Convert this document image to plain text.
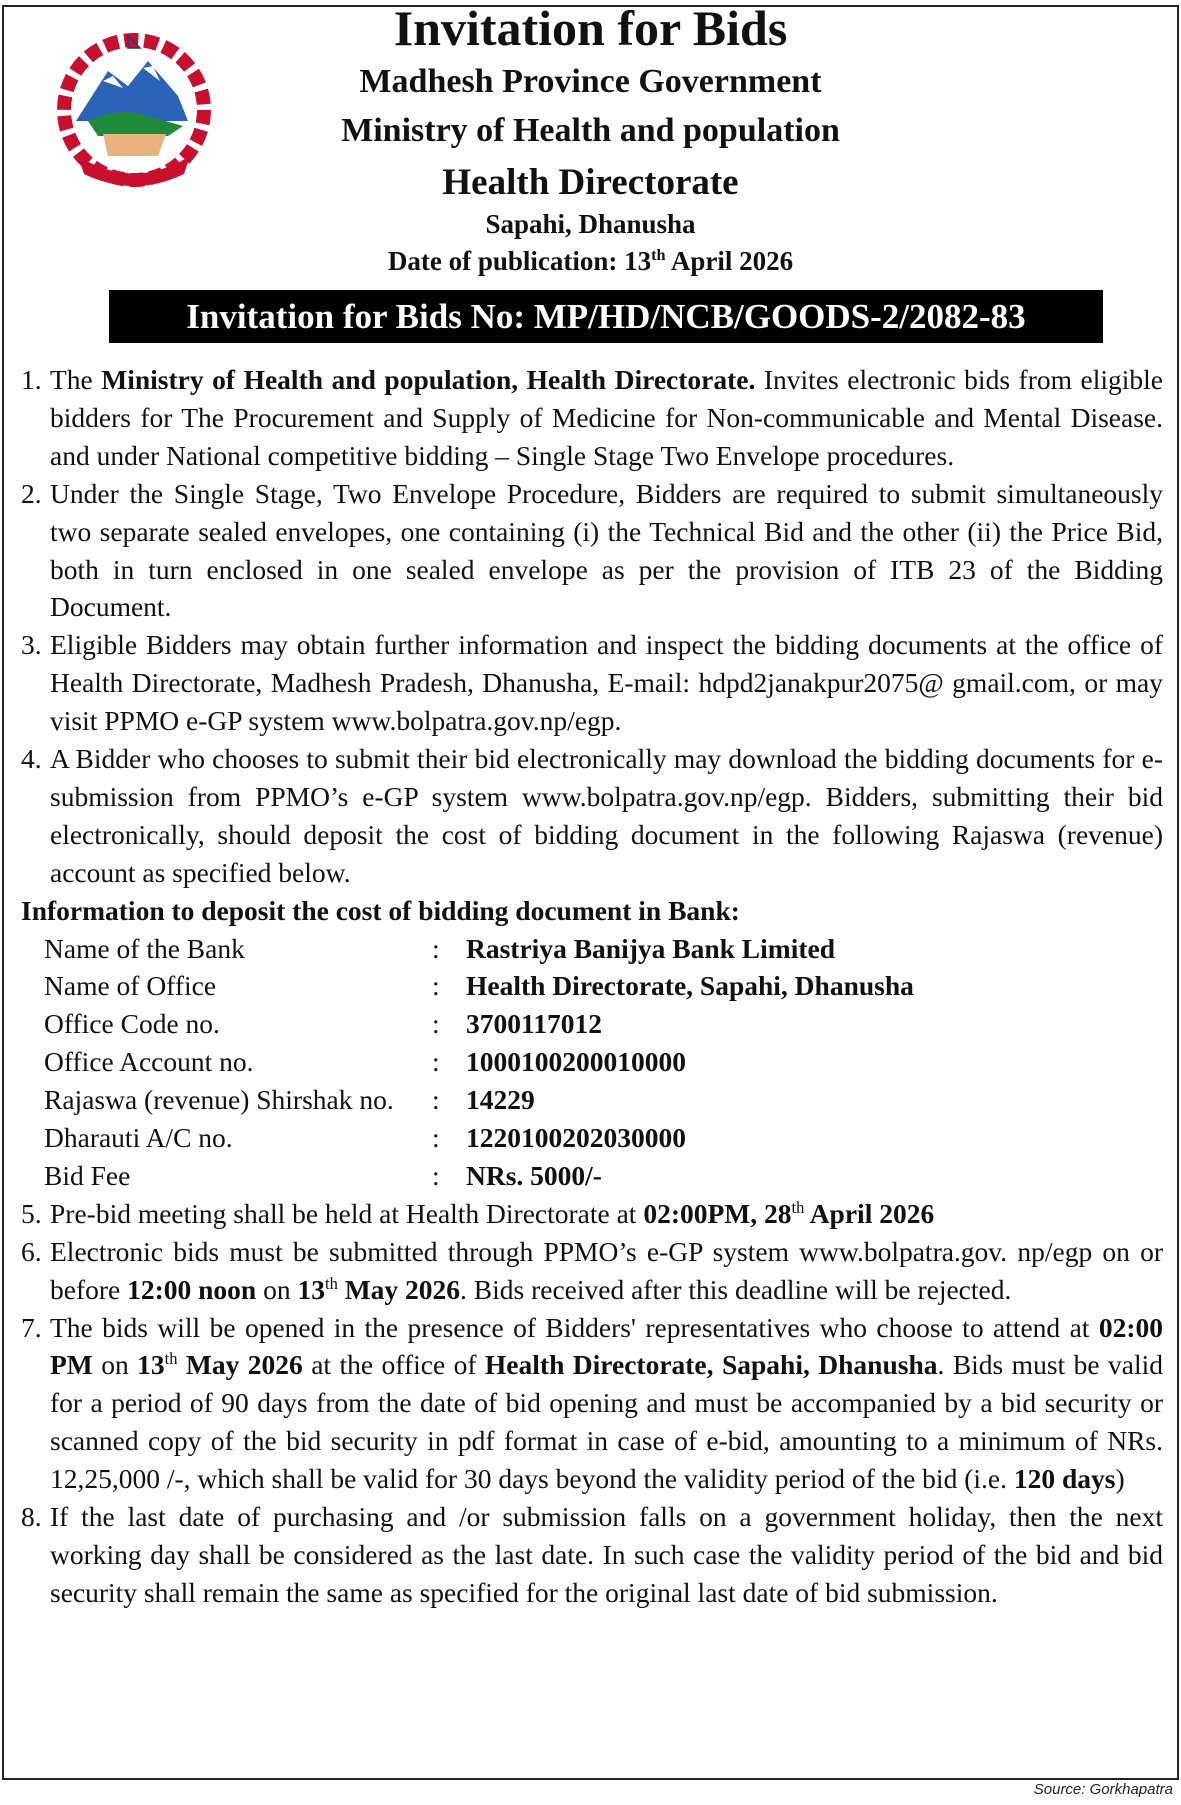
Invitation for Bids
Madhesh Province Government
Ministry of Health and population
Health Directorate
Sapahi, Dhanusha
Date of publication: 13th April 2026
Invitation for Bids No: MP/HD/NCB/GOODS-2/2082-83
1. The Ministry of Health and population, Health Directorate. Invites electronic bids from eligible bidders for The Procurement and Supply of Medicine for Non-communicable and Mental Disease. and under National competitive bidding – Single Stage Two Envelope procedures.
2. Under the Single Stage, Two Envelope Procedure, Bidders are required to submit simultaneously two separate sealed envelopes, one containing (i) the Technical Bid and the other (ii) the Price Bid, both in turn enclosed in one sealed envelope as per the provision of ITB 23 of the Bidding Document.
3. Eligible Bidders may obtain further information and inspect the bidding documents at the office of Health Directorate, Madhesh Pradesh, Dhanusha, E-mail: hdpd2janakpur2075@ gmail.com, or may visit PPMO e-GP system www.bolpatra.gov.np/egp.
4. A Bidder who chooses to submit their bid electronically may download the bidding documents for e-submission from PPMO’s e-GP system www.bolpatra.gov.np/egp. Bidders, submitting their bid electronically, should deposit the cost of bidding document in the following Rajaswa (revenue) account as specified below.
Information to deposit the cost of bidding document in Bank:
Name of the Bank	: Rastriya Banijya Bank Limited
Name of Office	: Health Directorate, Sapahi, Dhanusha
Office Code no.	: 3700117012
Office Account no.	: 1000100200010000
Rajaswa (revenue) Shirshak no.	: 14229
Dharauti A/C no.	: 1220100202030000
Bid Fee	: NRs. 5000/-
5. Pre-bid meeting shall be held at Health Directorate at 02:00PM, 28th April 2026
6. Electronic bids must be submitted through PPMO’s e-GP system www.bolpatra.gov. np/egp on or before 12:00 noon on 13th May 2026. Bids received after this deadline will be rejected.
7. The bids will be opened in the presence of Bidders' representatives who choose to attend at 02:00 PM on 13th May 2026 at the office of Health Directorate, Sapahi, Dhanusha. Bids must be valid for a period of 90 days from the date of bid opening and must be accompanied by a bid security or scanned copy of the bid security in pdf format in case of e-bid, amounting to a minimum of NRs. 12,25,000 /-, which shall be valid for 30 days beyond the validity period of the bid (i.e. 120 days)
8. If the last date of purchasing and /or submission falls on a government holiday, then the next working day shall be considered as the last date. In such case the validity period of the bid and bid security shall remain the same as specified for the original last date of bid submission.
Source: Gorkhapatra
